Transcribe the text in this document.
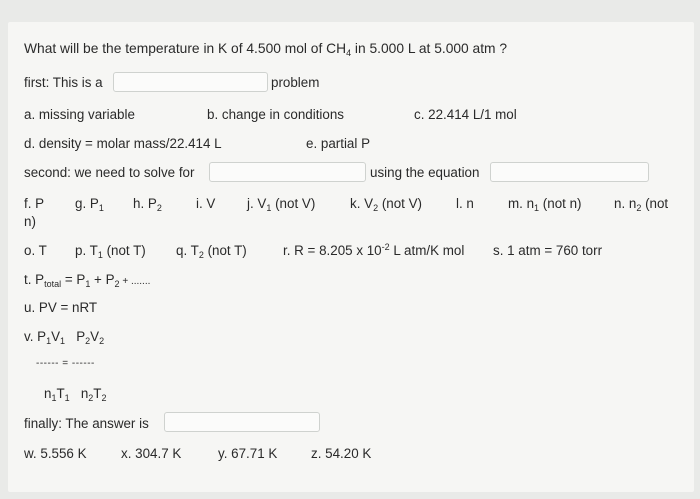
What will be the temperature in K of 4.500 mol of $CH_4$ in 5.000 L at 5.000 atm ?
first: This is a	problem
a. missing variable	b. change in conditions	c. 22.414 L/1 mol
d. density = molar mass/22.414 L	e. partial P
second: we need to solve for	using the equation
f. P g. $P_1$ h. $P_2$	i. V j. $V_1$ (not V)	k. $V_2$ (not V)	l. n	m. $n_1$ (not n) n. $n_2$ (not
n)
o. T p. $T_1$ (not T) q. $T_2$ (not T)	r. R = 8.205 x $10^{-2}$ L atm/K mol s. 1 atm = 760 torr
t. $P_{total} = P_1 + P_2$ + .......
u. PV = nRT
v. $P_1V_1$   $P_2V_2$
------ = ------
$n_1T_1$   $n_2T_2$
finally: The answer is
w. 5.556 K	x. 304.7 K	y. 67.71 K	z. 54.20 K
